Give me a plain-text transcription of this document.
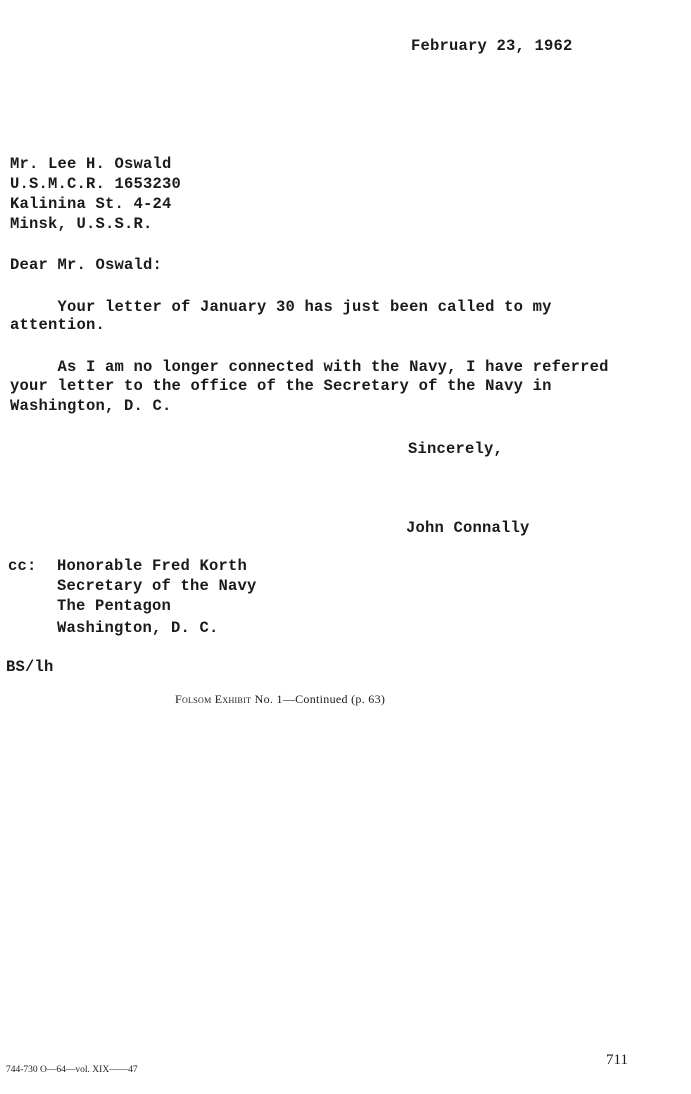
February 23, 1962
Mr. Lee H. Oswald
U.S.M.C.R. 1653230
Kalinina St. 4-24
Minsk, U.S.S.R.
Dear Mr. Oswald:
Your letter of January 30 has just been called to my
attention.
As I am no longer connected with the Navy, I have referred
your letter to the office of the Secretary of the Navy in
Washington, D. C.
Sincerely,
John Connally
cc: Honorable Fred Korth
Secretary of the Navy
The Pentagon
Washington, D. C.
BS/lh
Folsom Exhibit No. 1—Continued (p. 63)
711
744-730 O—64—vol. XIX——47
